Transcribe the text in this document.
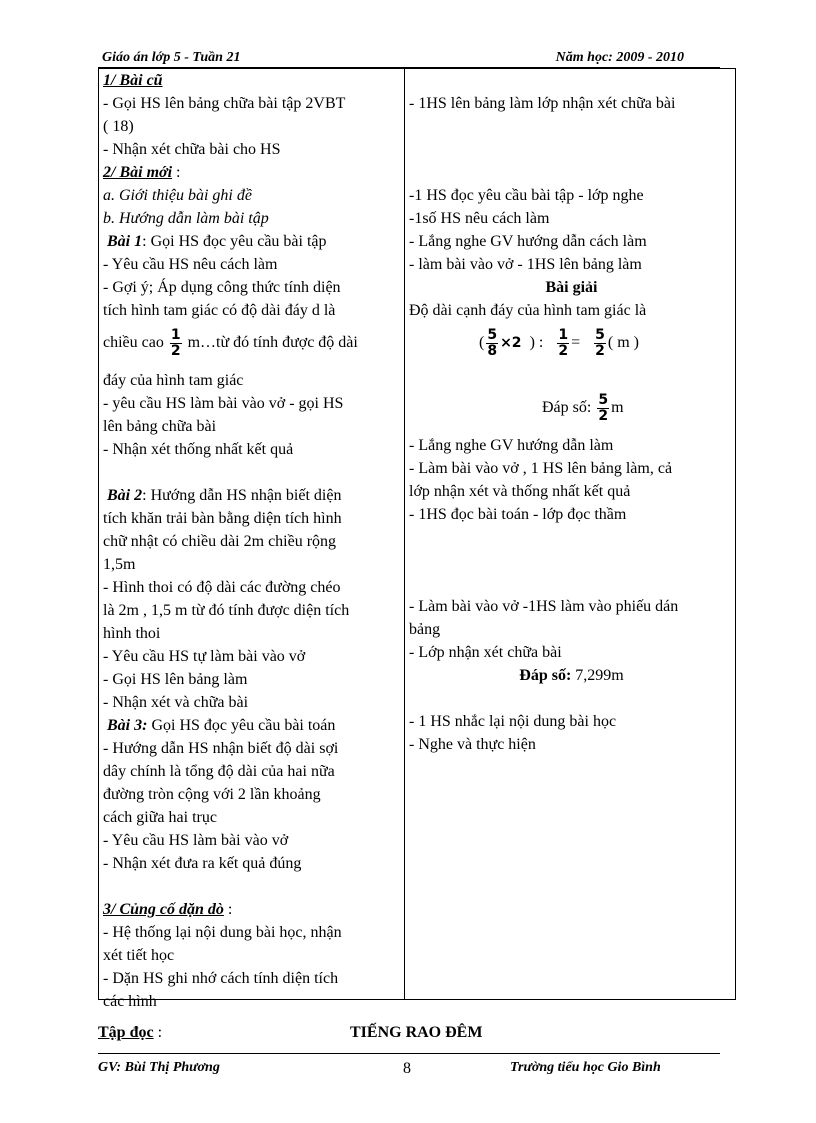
Giáo án lớp 5 - Tuần 21	Năm học: 2009 - 2010
1/ Bài cũ
- Gọi HS lên bảng chữa bài tập 2VBT
( 18)
- Nhận xét chữa bài cho HS
2/ Bài mới :
a. Giới thiệu bài ghi đề
b. Hướng dẫn làm bài tập
Bài 1: Gọi HS đọc yêu cầu bài tập
- Yêu cầu HS nêu cách làm
- Gợi ý; Áp dụng công thức tính diện
tích hình tam giác có độ dài đáy d là
chiều cao $\frac{1}{2}$ m…từ đó tính được độ dài
đáy của hình tam giác
- yêu cầu HS làm bài vào vở - gọi HS
lên bảng chữa bài
- Nhận xét thống nhất kết quả
Bài 2: Hướng dẫn HS nhận biết diện
tích khăn trải bàn bằng diện tích hình
chữ nhật có chiều dài 2m chiều rộng
1,5m
- Hình thoi có độ dài các đường chéo
là 2m , 1,5 m từ đó tính được diện tích
hình thoi
- Yêu cầu HS tự làm bài vào vở
- Gọi HS lên bảng làm
- Nhận xét và chữa bài
Bài 3: Gọi HS đọc yêu cầu bài toán
- Hướng dẫn HS nhận biết độ dài sợi
dây chính là tổng độ dài của hai nữa
đường tròn cộng với 2 lần khoảng
cách giữa hai trục
- Yêu cầu HS làm bài vào vở
- Nhận xét đưa ra kết quả đúng
3/ Củng cố dặn dò :
- Hệ thống lại nội dung bài học, nhận
xét tiết học
- Dặn HS ghi nhớ cách tính diện tích
các hình
- 1HS lên bảng làm lớp nhận xét chữa bài
-1 HS đọc yêu cầu bài tập - lớp nghe
-1số HS nêu cách làm
- Lắng nghe GV hướng dẫn cách làm
- làm bài vào vở - 1HS lên bảng làm
Bài giải
Độ dài cạnh đáy của hình tam giác là
( $\frac{5}{8} \times 2$ ) : $\frac{1}{2} = \frac{5}{2}$ ( m )
Đáp số: $\frac{5}{2}$ m
- Lắng nghe GV hướng dẫn làm
- Làm bài vào vở , 1 HS lên bảng làm, cả
lớp nhận xét và thống nhất kết quả
- 1HS đọc bài toán - lớp đọc thầm
- Làm bài vào vở -1HS làm vào phiếu dán
bảng
- Lớp nhận xét chữa bài
Đáp số: 7,299m
- 1 HS nhắc lại nội dung bài học
- Nghe và thực hiện
Tập đọc :	TIẾNG RAO ĐÊM
GV: Bùi Thị Phương	8	Trường tiểu học Gio Bình
